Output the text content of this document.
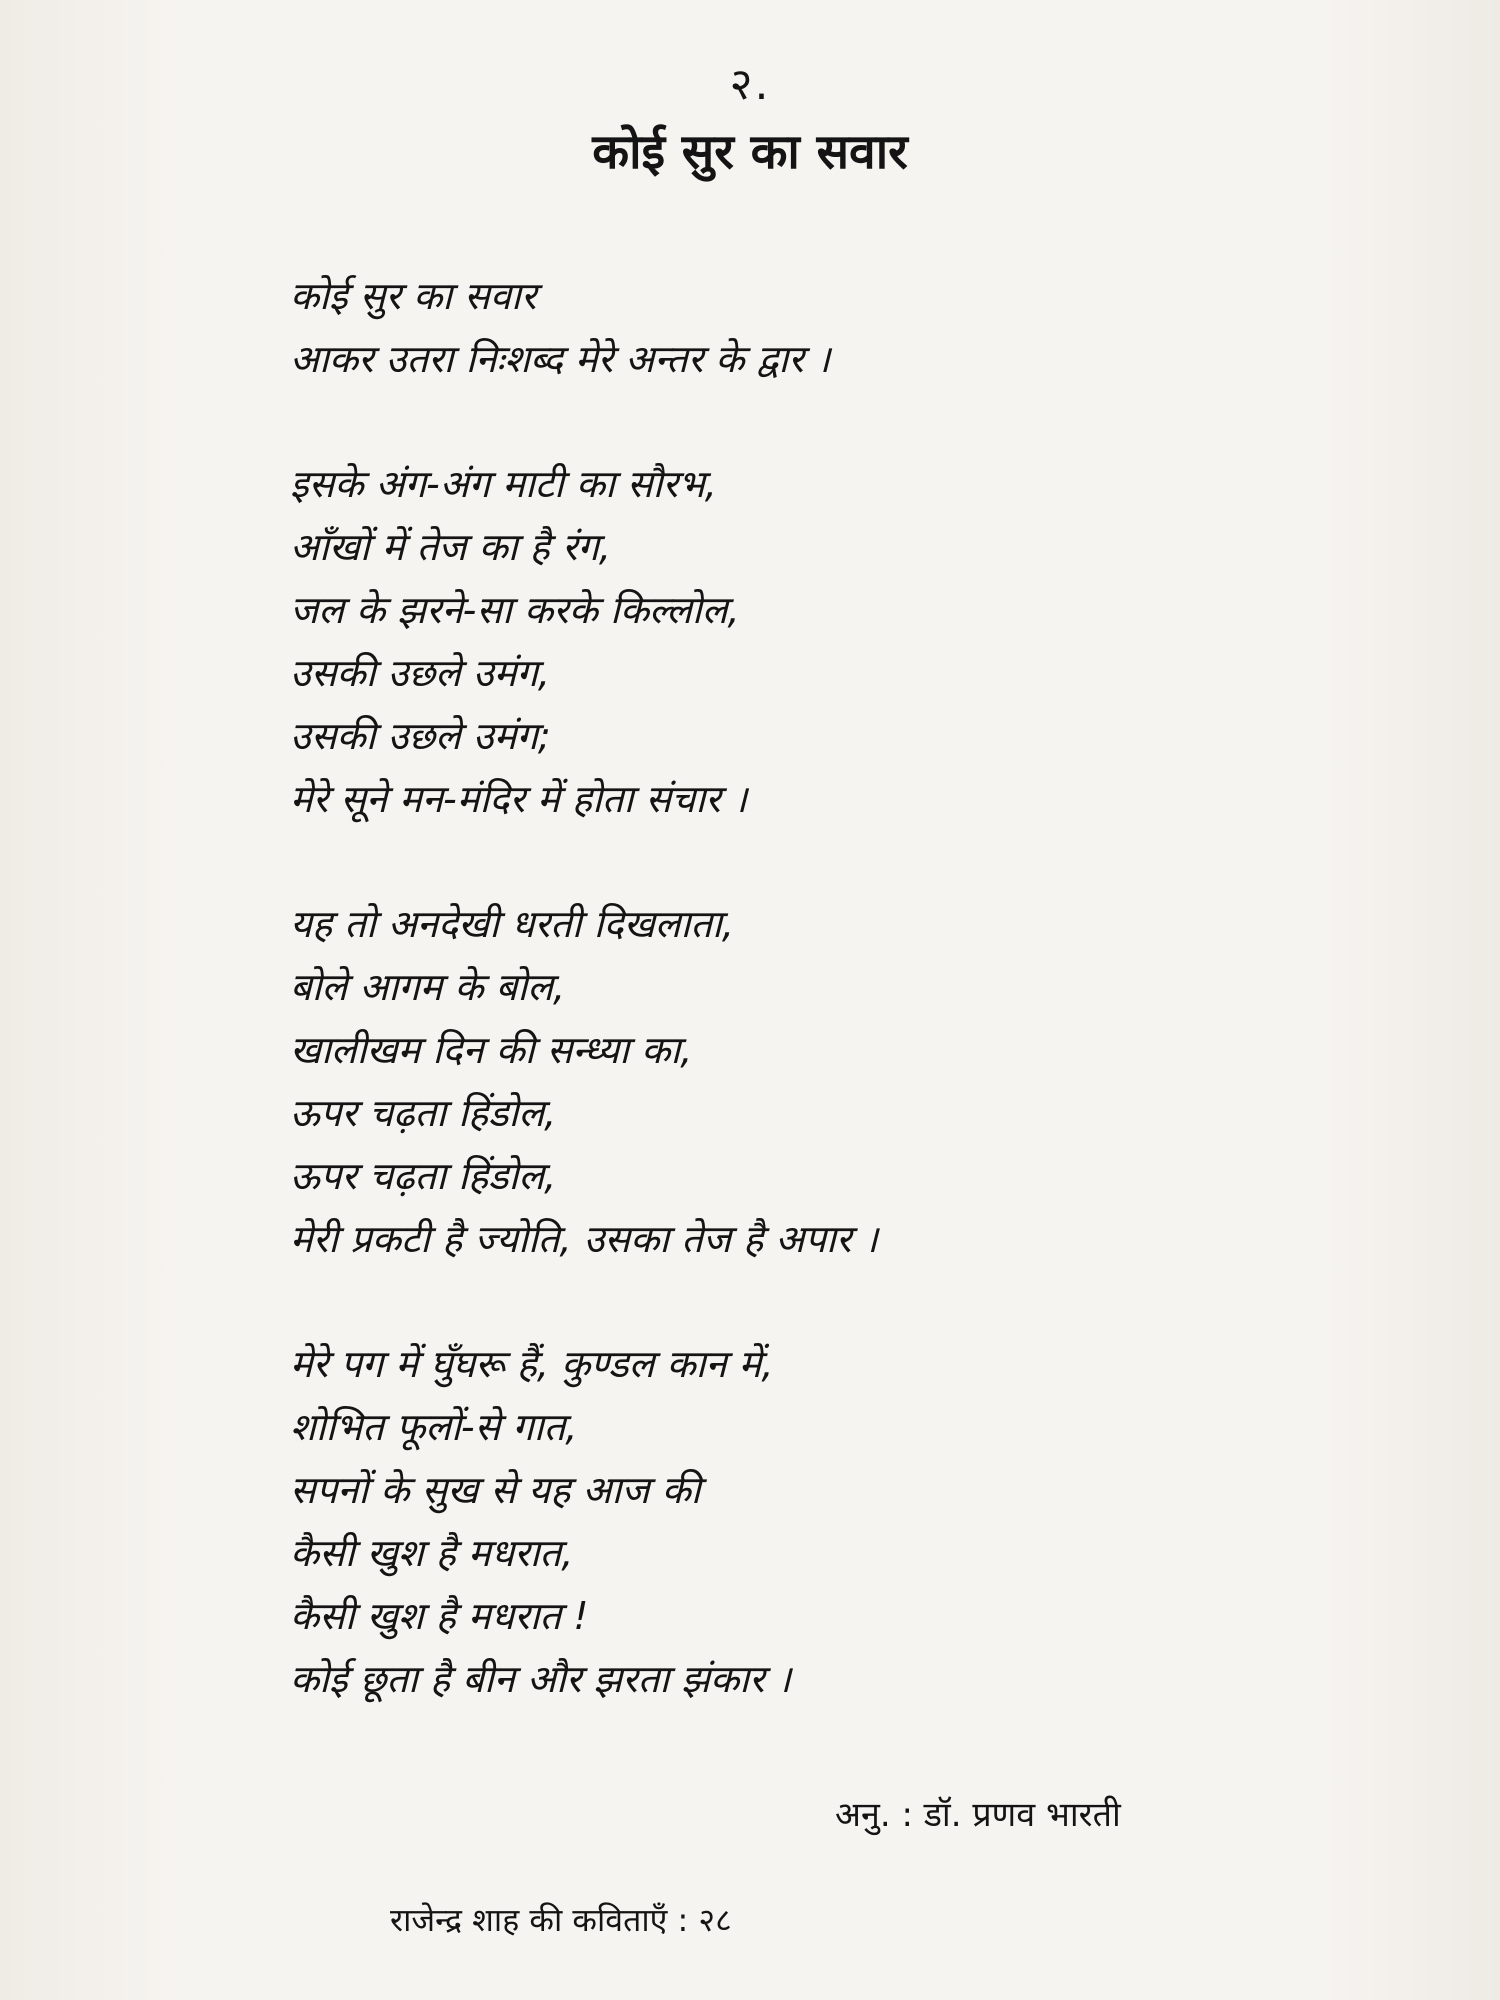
२.
कोई सुर का सवार
कोई सुर का सवार
आकर उतरा निःशब्द मेरे अन्तर के द्वार ।
इसके अंग-अंग माटी का सौरभ,
आँखों में तेज का है रंग,
जल के झरने-सा करके किल्लोल,
उसकी उछले उमंग,
उसकी उछले उमंग;
मेरे सूने मन-मंदिर में होता संचार ।
यह तो अनदेखी धरती दिखलाता,
बोले आगम के बोल,
खालीखम दिन की सन्ध्या का,
ऊपर चढ़ता हिंडोल,
ऊपर चढ़ता हिंडोल,
मेरी प्रकटी है ज्योति, उसका तेज है अपार ।
मेरे पग में घुँघरू हैं, कुण्डल कान में,
शोभित फूलों-से गात,
सपनों के सुख से यह आज की
कैसी खुश है मधरात,
कैसी खुश है मधरात !
कोई छूता है बीन और झरता झंकार ।
अनु. : डॉ. प्रणव भारती
राजेन्द्र शाह की कविताएँ : २८
